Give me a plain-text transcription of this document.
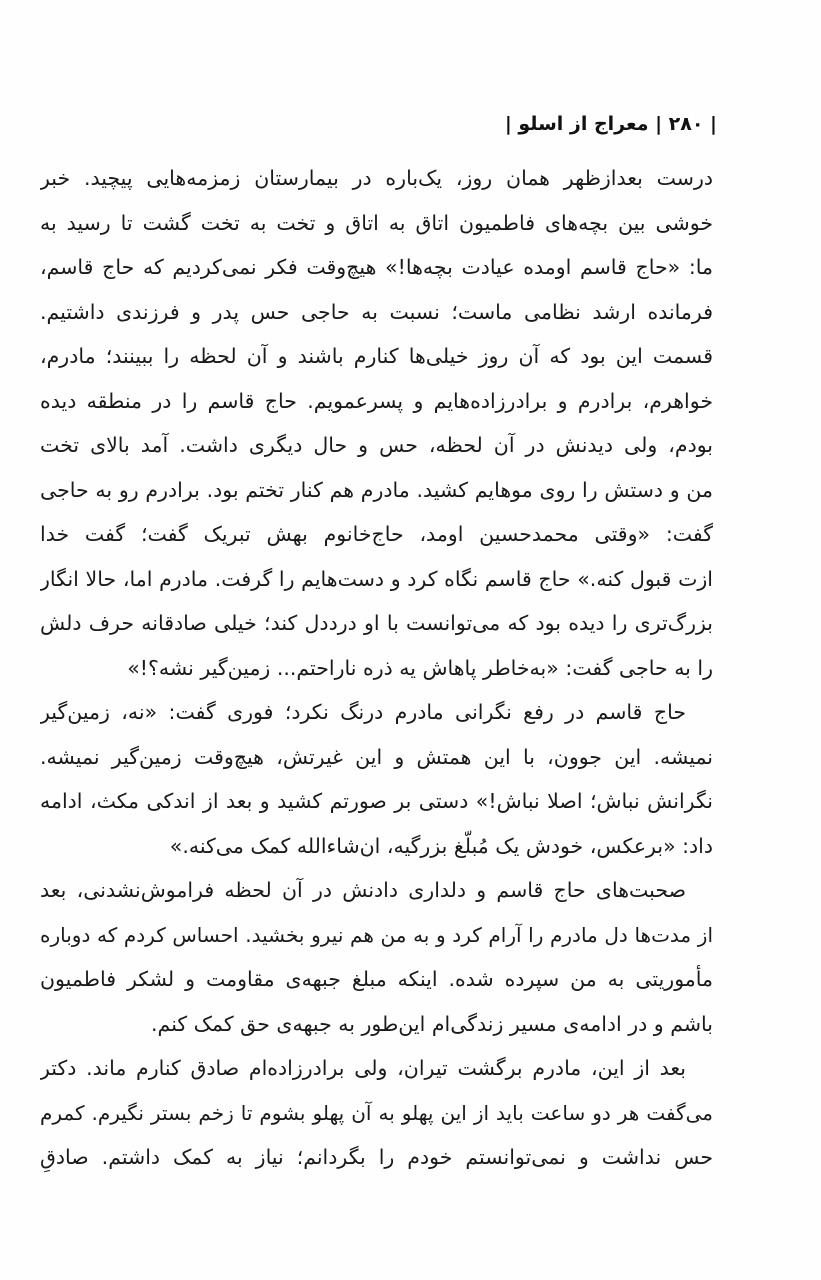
| ۲۸۰ | معراج از اسلو |
درست بعدازظهر همان روز، یک‌باره در بیمارستان زمزمه‌هایی پیچید. خبر
خوشی بین بچه‌های فاطمیون اتاق به اتاق و تخت به تخت گشت تا رسید به
ما: «حاج قاسم اومده عیادت بچه‌ها!» هیچ‌وقت فکر نمی‌کردیم که حاج قاسم،
فرمانده ارشد نظامی ماست؛ نسبت به حاجی حس پدر و فرزندی داشتیم.
قسمت این بود که آن روز خیلی‌ها کنارم باشند و آن لحظه را ببینند؛ مادرم،
خواهرم، برادرم و برادرزاده‌هایم و پسرعمویم. حاج قاسم را در منطقه دیده
بودم، ولی دیدنش در آن لحظه، حس و حال دیگری داشت. آمد بالای تخت
من و دستش را روی موهایم کشید. مادرم هم کنار تختم بود. برادرم رو به حاجی
گفت: «وقتی محمدحسین اومد، حاج‌خانوم بهش تبریک گفت؛ گفت خدا
ازت قبول کنه.» حاج قاسم نگاه کرد و دست‌هایم را گرفت. مادرم اما، حالا انگار
بزرگ‌تری را دیده بود که می‌توانست با او درددل کند؛ خیلی صادقانه حرف دلش
را به حاجی گفت: «به‌خاطر پاهاش یه ذره ناراحتم... زمین‌گیر نشه؟!»
حاج قاسم در رفع نگرانی مادرم درنگ نکرد؛ فوری گفت: «نه، زمین‌گیر
نمیشه. این جوون، با این همتش و این غیرتش، هیچ‌وقت زمین‌گیر نمیشه.
نگرانش نباش؛ اصلا نباش!» دستی بر صورتم کشید و بعد از اندکی مکث، ادامه
داد: «برعکس، خودش یک مُبلّغ بزرگیه، ان‌شاءالله کمک می‌کنه.»
صحبت‌های حاج قاسم و دلداری دادنش در آن لحظه فراموش‌نشدنی، بعد
از مدت‌ها دل مادرم را آرام کرد و به من هم نیرو بخشید. احساس کردم که دوباره
مأموریتی به من سپرده شده. اینکه مبلغ جبهه‌ی مقاومت و لشکر فاطمیون
باشم و در ادامه‌ی مسیر زندگی‌ام این‌طور به جبهه‌ی حق کمک کنم.
بعد از این، مادرم برگشت تیران، ولی برادرزاده‌ام صادق کنارم ماند. دکتر
می‌گفت هر دو ساعت باید از این پهلو به آن پهلو بشوم تا زخم بستر نگیرم. کمرم
حس نداشت و نمی‌توانستم خودم را بگردانم؛ نیاز به کمک داشتم. صادقِ
